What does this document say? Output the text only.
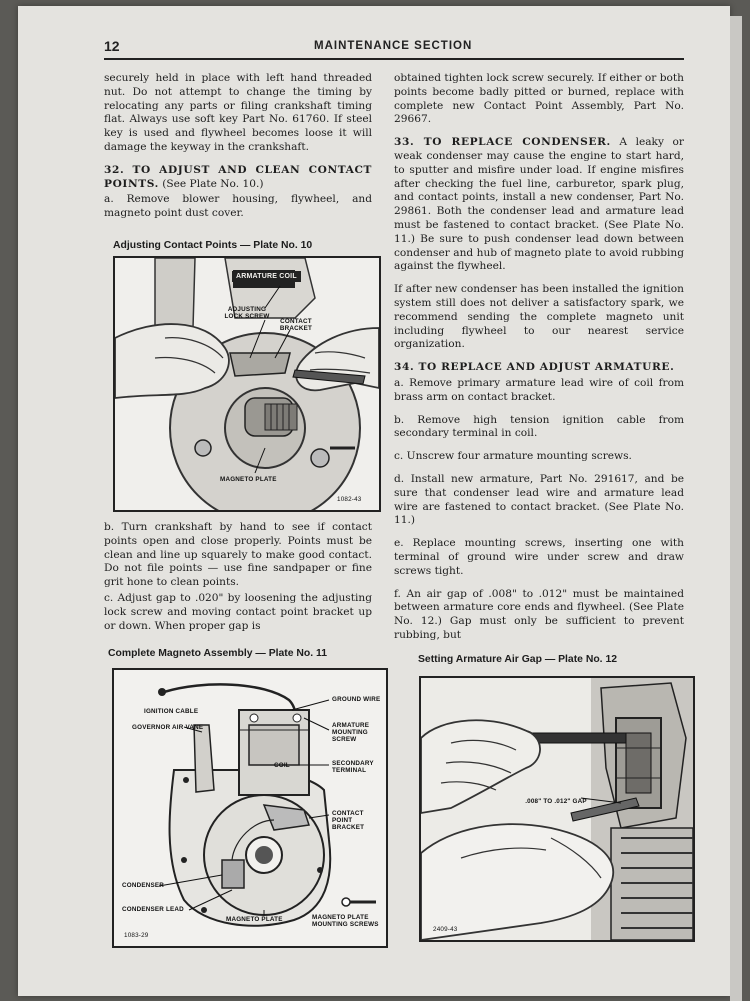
12	MAINTENANCE SECTION

securely held in place with left hand threaded nut. Do not attempt to change the timing by relocating any parts or filing crankshaft timing flat. Always use soft key Part No. 61760. If steel key is used and flywheel becomes loose it will damage the keyway in the crankshaft.

32. TO ADJUST AND CLEAN CONTACT POINTS. (See Plate No. 10.)

a. Remove blower housing, flywheel, and magneto point dust cover.

Adjusting Contact Points — Plate No. 10
ARMATURE COIL
ADJUSTING LOCK SCREW
CONTACT BRACKET
MAGNETO PLATE
1082-43

b. Turn crankshaft by hand to see if contact points open and close properly. Points must be clean and line up squarely to make good contact. Do not file points — use fine sandpaper or fine grit hone to clean points.

c. Adjust gap to .020" by loosening the adjusting lock screw and moving contact point bracket up or down. When proper gap is

obtained tighten lock screw securely. If either or both points become badly pitted or burned, replace with complete new Contact Point Assembly, Part No. 29667.

33. TO REPLACE CONDENSER. A leaky or weak condenser may cause the engine to start hard, to sputter and misfire under load. If engine misfires after checking the fuel line, carburetor, spark plug, and contact points, install a new condenser, Part No. 29861. Both the condenser lead and armature lead must be fastened to contact bracket. (See Plate No. 11.) Be sure to push condenser lead down between condenser and hub of magneto plate to avoid rubbing against the flywheel.

If after new condenser has been installed the ignition system still does not deliver a satisfactory spark, we recommend sending the complete magneto unit including flywheel to our nearest service organization.

34. TO REPLACE AND ADJUST ARMATURE.

a. Remove primary armature lead wire of coil from brass arm on contact bracket.

b. Remove high tension ignition cable from secondary terminal in coil.

c. Unscrew four armature mounting screws.

d. Install new armature, Part No. 291617, and be sure that condenser lead wire and armature lead wire are fastened to contact bracket. (See Plate No. 11.)

e. Replace mounting screws, inserting one with terminal of ground wire under screw and draw screws tight.

f. An air gap of .008" to .012" must be maintained between armature core ends and flywheel. (See Plate No. 12.) Gap must only be sufficient to prevent rubbing, but

Complete Magneto Assembly — Plate No. 11
IGNITION CABLE
GROUND WIRE
GOVERNOR AIR VANE	ARMATURE MOUNTING SCREW
COIL	SECONDARY TERMINAL
CONTACT POINT BRACKET
CONDENSER
CONDENSER LEAD
MAGNETO PLATE	MAGNETO PLATE MOUNTING SCREWS
1083-29
Setting Armature Air Gap — Plate No. 12
.008" TO .012" GAP
2409-43
